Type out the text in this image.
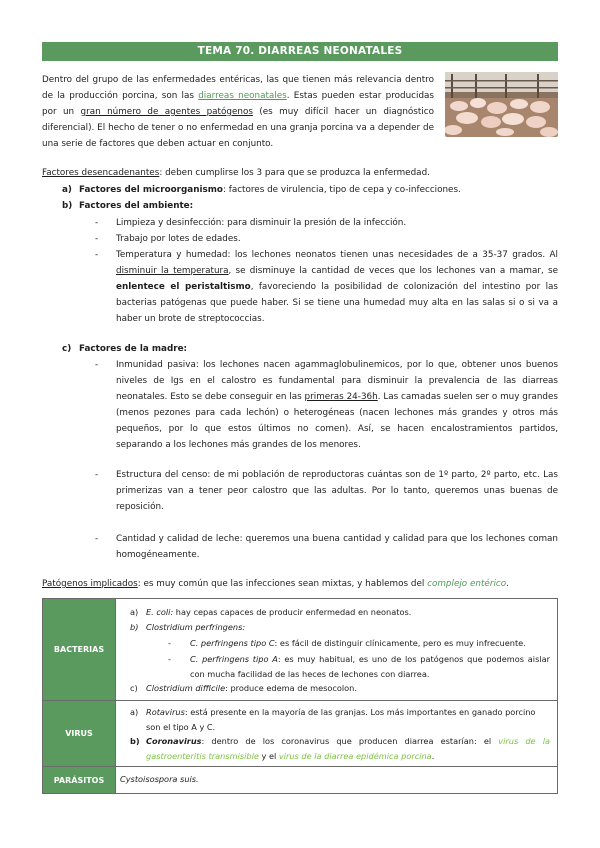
TEMA 70. DIARREAS NEONATALES
Dentro del grupo de las enfermedades entéricas, las que tienen más relevancia dentro de la producción porcina, son las diarreas neonatales. Estas pueden estar producidas por un gran número de agentes patógenos (es muy difícil hacer un diagnóstico diferencial). El hecho de tener o no enfermedad en una granja porcina va a depender de una serie de factores que deben actuar en conjunto.
Factores desencadenantes: deben cumplirse los 3 para que se produzca la enfermedad.
a) Factores del microorganismo: factores de virulencia, tipo de cepa y co-infecciones.
b) Factores del ambiente:
- Limpieza y desinfección: para disminuir la presión de la infección.
- Trabajo por lotes de edades.
- Temperatura y humedad: los lechones neonatos tienen unas necesidades de a 35-37 grados. Al disminuir la temperatura, se disminuye la cantidad de veces que los lechones van a mamar, se enlentece el peristaltismo, favoreciendo la posibilidad de colonización del intestino por las bacterias patógenas que puede haber. Si se tiene una humedad muy alta en las salas si o si va a haber un brote de streptococcias.
c) Factores de la madre:
- Inmunidad pasiva: los lechones nacen agammaglobulinemicos, por lo que, obtener unos buenos niveles de Igs en el calostro es fundamental para disminuir la prevalencia de las diarreas neonatales. Esto se debe conseguir en las primeras 24-36h. Las camadas suelen ser o muy grandes (menos pezones para cada lechón) o heterogéneas (nacen lechones más grandes y otros más pequeños, por lo que estos últimos no comen). Así, se hacen encalostramientos partidos, separando a los lechones más grandes de los menores.
- Estructura del censo: de mi población de reproductoras cuántas son de 1º parto, 2º parto, etc. Las primerizas van a tener peor calostro que las adultas. Por lo tanto, queremos unas buenas de reposición.
- Cantidad y calidad de leche: queremos una buena cantidad y calidad para que los lechones coman homogéneamente.
Patógenos implicados: es muy común que las infecciones sean mixtas, y hablemos del complejo entérico.
BACTERIAS
a) E. coli: hay cepas capaces de producir enfermedad en neonatos.
b) Clostridium perfringens:
- C. perfringens tipo C: es fácil de distinguir clínicamente, pero es muy infrecuente.
- C. perfringens tipo A: es muy habitual, es uno de los patógenos que podemos aislar con mucha facilidad de las heces de lechones con diarrea.
c) Clostridium difficile: produce edema de mesocolon.
VIRUS
a) Rotavirus: está presente en la mayoría de las granjas. Los más importantes en ganado porcino son el tipo A y C.
b) Coronavirus: dentro de los coronavirus que producen diarrea estarían: el virus de la gastroenteritis transmisible y el virus de la diarrea epidémica porcina.
PARÁSITOS	Cystoisospora suis.
